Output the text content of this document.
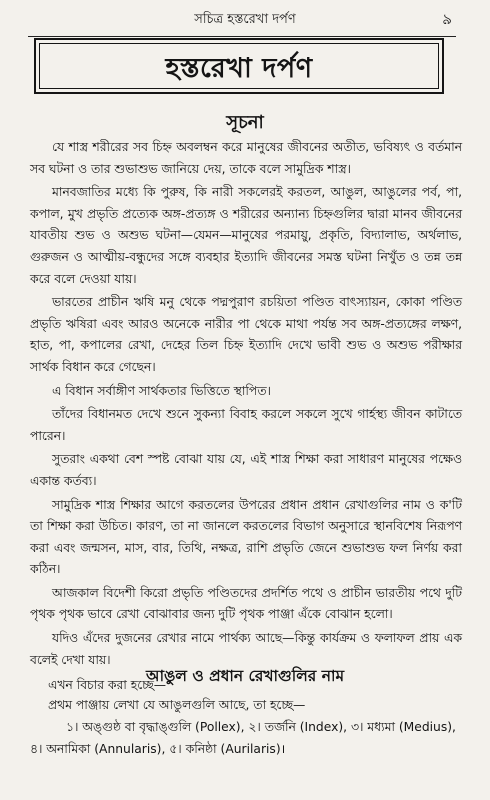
সচিত্র হস্তরেখা দর্পণ	৯
হস্তরেখা দর্পণ
সূচনা

যে শাস্ত্র শরীরের সব চিহ্ন অবলম্বন করে মানুষের জীবনের অতীত, ভবিষ্যৎ ও বর্তমান সব ঘটনা ও তার শুভাশুভ জানিয়ে দেয়, তাকে বলে সামুদ্রিক শাস্ত্র।

মানবজাতির মধ্যে কি পুরুষ, কি নারী সকলেরই করতল, আঙুল, আঙুলের পর্ব, পা, কপাল, মুখ প্রভৃতি প্রত্যেক অঙ্গ-প্রত্যঙ্গ ও শরীরের অন্যান্য চিহ্নগুলির দ্বারা মানব জীবনের যাবতীয় শুভ ও অশুভ ঘটনা—যেমন—মানুষের পরমায়ু, প্রকৃতি, বিদ্যালাভ, অর্থলাভ, গুরুজন ও আত্মীয়-বন্ধুদের সঙ্গে ব্যবহার ইত্যাদি জীবনের সমস্ত ঘটনা নিখুঁত ও তন্ন তন্ন করে বলে দেওয়া যায়।

ভারতের প্রাচীন ঋষি মনু থেকে পদ্মপুরাণ রচয়িতা পণ্ডিত বাৎস্যায়ন, কোকা পণ্ডিত প্রভৃতি ঋষিরা এবং আরও অনেকে নারীর পা থেকে মাথা পর্যন্ত সব অঙ্গ-প্রত্যঙ্গের লক্ষণ, হাত, পা, কপালের রেখা, দেহের তিল চিহ্ন ইত্যাদি দেখে ভাবী শুভ ও অশুভ পরীক্ষার সার্থক বিধান করে গেছেন।

এ বিধান সর্বাঙ্গীণ সার্থকতার ভিত্তিতে স্থাপিত।

তাঁদের বিধানমত দেখে শুনে সুকন্যা বিবাহ করলে সকলে সুখে গার্হস্থ্য জীবন কাটাতে পারেন।

সুতরাং একথা বেশ স্পষ্ট বোঝা যায় যে, এই শাস্ত্র শিক্ষা করা সাধারণ মানুষের পক্ষেও একান্ত কর্তব্য।

সামুদ্রিক শাস্ত্র শিক্ষার আগে করতলের উপরের প্রধান প্রধান রেখাগুলির নাম ও ক'টি তা শিক্ষা করা উচিত। কারণ, তা না জানলে করতলের বিভাগ অনুসারে স্থানবিশেষ নিরূপণ করা এবং জন্মসন, মাস, বার, তিথি, নক্ষত্র, রাশি প্রভৃতি জেনে শুভাশুভ ফল নির্ণয় করা কঠিন।

আজকাল বিদেশী কিরো প্রভৃতি পণ্ডিতদের প্রদর্শিত পথে ও প্রাচীন ভারতীয় পথে দুটি পৃথক পৃথক ভাবে রেখা বোঝাবার জন্য দুটি পৃথক পাঞ্জা এঁকে বোঝান হলো।

যদিও এঁদের দুজনের রেখার নামে পার্থক্য আছে—কিন্তু কার্যক্রম ও ফলাফল প্রায় এক বলেই দেখা যায়।

এখন বিচার করা হচ্ছে—

আঙুল ও প্রধান রেখাগুলির নাম

প্রথম পাঞ্জায় লেখা যে আঙুলগুলি আছে, তা হচ্ছে—

১। অঙ্গুষ্ঠ বা বৃদ্ধাঙ্গুলি (Pollex), ২। তর্জনি (Index), ৩। মধ্যমা (Medius),

৪। অনামিকা (Annularis), ৫। কনিষ্ঠা (Aurilaris)।
